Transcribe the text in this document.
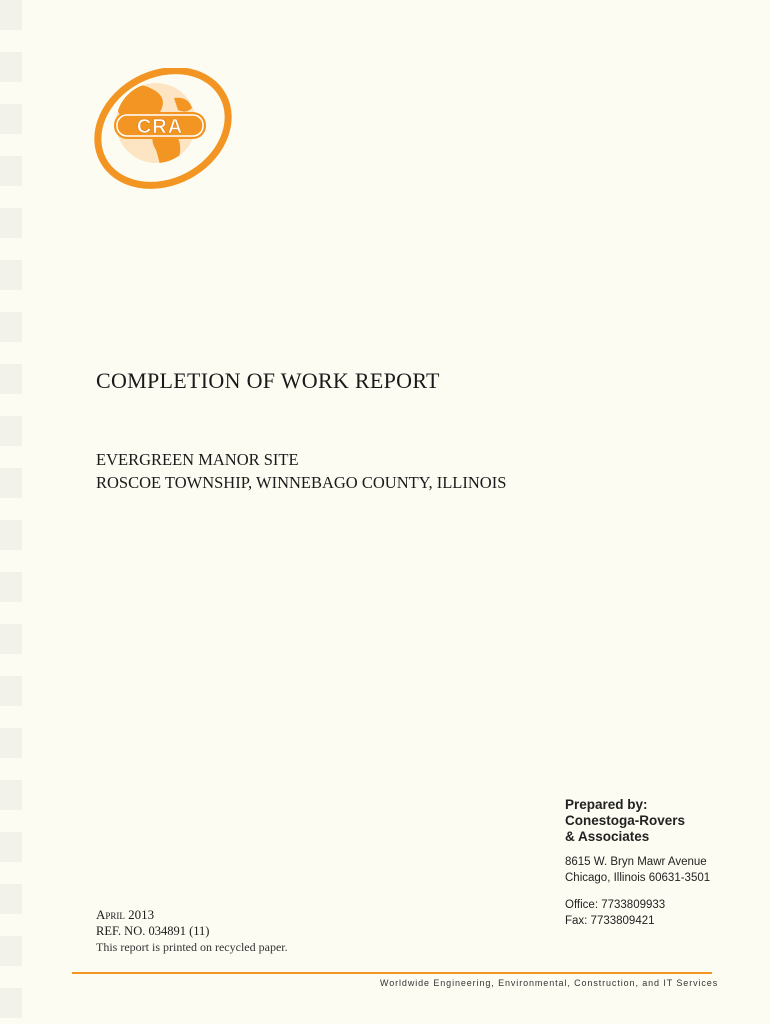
CRA
COMPLETION OF WORK REPORT
EVERGREEN MANOR SITE
ROSCOE TOWNSHIP, WINNEBAGO COUNTY, ILLINOIS
Prepared by:
Conestoga-Rovers
& Associates
8615 W. Bryn Mawr Avenue
Chicago, Illinois 60631-3501
Office: 7733809933
Fax: 7733809421
April 2013
REF. NO. 034891 (11)
This report is printed on recycled paper.
Worldwide Engineering, Environmental, Construction, and IT Services
